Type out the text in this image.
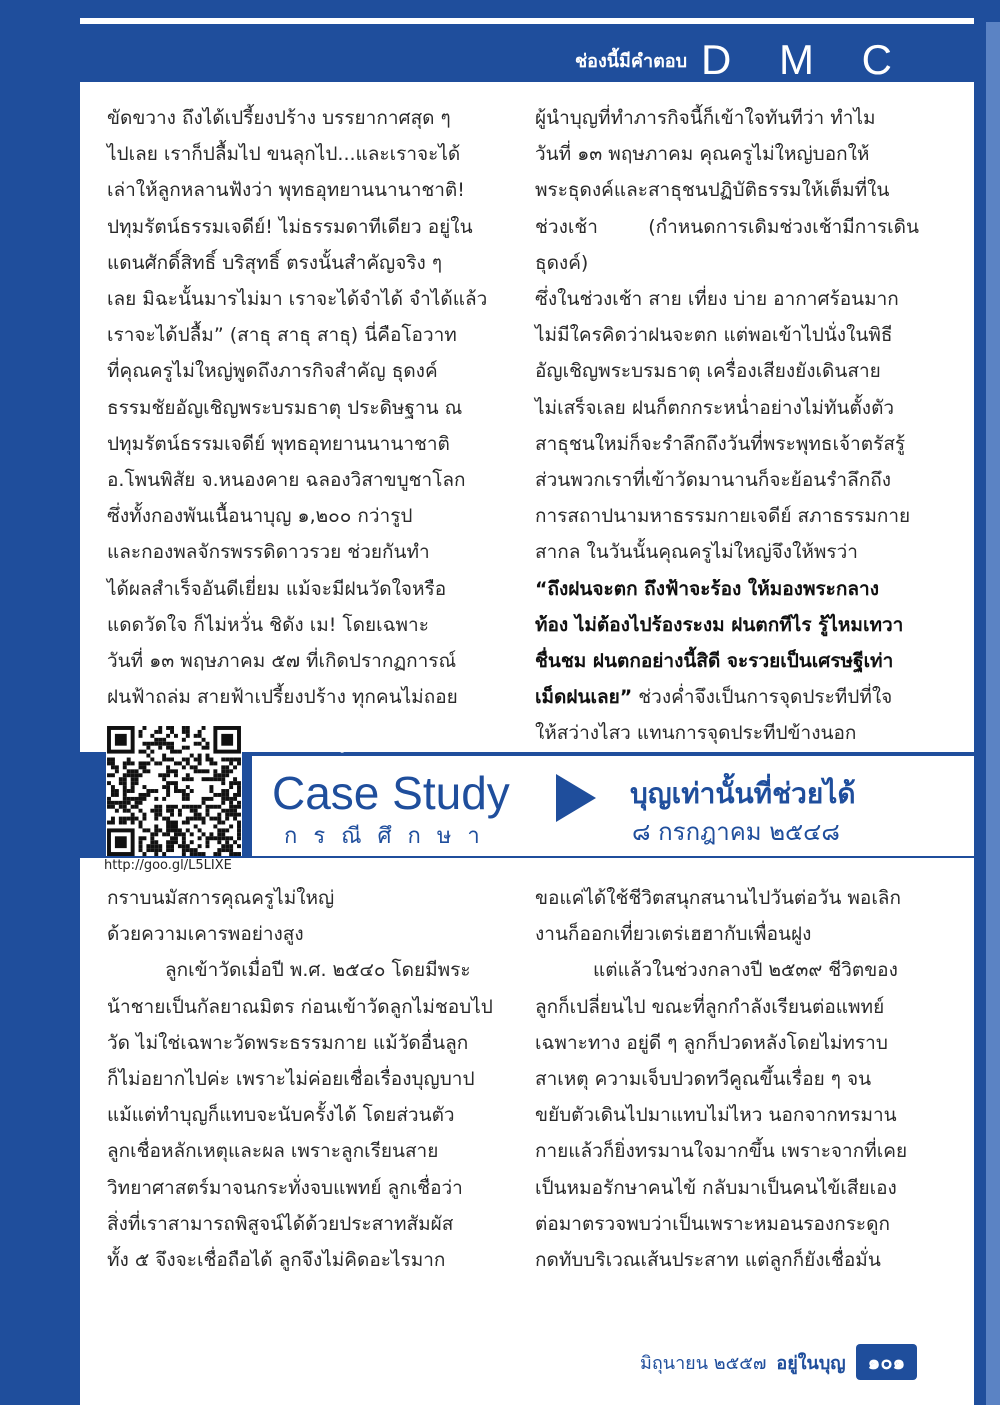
ช่องนี้มีคำตอบ D M C

ขัดขวาง ถึงได้เปรี้ยงปร้าง บรรยากาศสุด ๆ

ไปเลย เราก็ปลื้มไป ขนลุกไป...และเราจะได้

เล่าให้ลูกหลานฟังว่า พุทธอุทยานนานาชาติ!

ปทุมรัตน์ธรรมเจดีย์! ไม่ธรรมดาทีเดียว อยู่ใน

แดนศักดิ์สิทธิ์ บริสุทธิ์ ตรงนั้นสำคัญจริง ๆ

เลย มิฉะนั้นมารไม่มา เราจะได้จำได้ จำได้แล้ว

เราจะได้ปลื้ม” (สาธุ สาธุ สาธุ) นี่คือโอวาท

ที่คุณครูไม่ใหญ่พูดถึงภารกิจสำคัญ ธุดงค์

ธรรมชัยอัญเชิญพระบรมธาตุ ประดิษฐาน ณ

ปทุมรัตน์ธรรมเจดีย์ พุทธอุทยานนานาชาติ

อ.โพนพิสัย จ.หนองคาย ฉลองวิสาขบูชาโลก

ซึ่งทั้งกองพันเนื้อนาบุญ ๑,๒๐๐ กว่ารูป

และกองพลจักรพรรดิดาวรวย ช่วยกันทำ

ได้ผลสำเร็จอันดีเยี่ยม แม้จะมีฝนวัดใจหรือ

แดดวัดใจ ก็ไม่หวั่น ชิดัง เม! โดยเฉพาะ

วันที่ ๑๓ พฤษภาคม ๕๗ ที่เกิดปรากฏการณ์

ฝนฟ้าถล่ม สายฟ้าเปรี้ยงปร้าง ทุกคนไม่ถอย

ผู้นำบุญที่ทำภารกิจนี้ก็เข้าใจทันทีว่า ทำไม

วันที่ ๑๓ พฤษภาคม คุณครูไม่ใหญ่บอกให้

พระธุดงค์และสาธุชนปฏิบัติธรรมให้เต็มที่ใน

ช่วงเช้า (กำหนดการเดิมช่วงเช้ามีการเดินธุดงค์)

ซึ่งในช่วงเช้า สาย เที่ยง บ่าย อากาศร้อนมาก

ไม่มีใครคิดว่าฝนจะตก แต่พอเข้าไปนั่งในพิธี

อัญเชิญพระบรมธาตุ เครื่องเสียงยังเดินสาย

ไม่เสร็จเลย ฝนก็ตกกระหน่ำอย่างไม่ทันตั้งตัว

สาธุชนใหม่ก็จะรำลึกถึงวันที่พระพุทธเจ้าตรัสรู้

ส่วนพวกเราที่เข้าวัดมานานก็จะย้อนรำลึกถึง

การสถาปนามหาธรรมกายเจดีย์ สภาธรรมกาย

สากล ในวันนั้นคุณครูไม่ใหญ่จึงให้พรว่า

“ถึงฝนจะตก ถึงฟ้าจะร้อง ให้มองพระกลาง

ท้อง ไม่ต้องไปร้องระงม ฝนตกทีไร รู้ไหมเทวา

ชื่นชม ฝนตกอย่างนี้สิดี จะรวยเป็นเศรษฐีเท่า

เม็ดฝนเลย” ช่วงค่ำจึงเป็นการจุดประทีปที่ใจ

ให้สว่างไสว แทนการจุดประทีปข้างนอก

รับชมรูปแบบ Video ผ่านทาง Application QR code ในมือถือ และ Tablet
Case Study
กรณีศึกษา
บุญเท่านั้นที่ช่วยได้
๘ กรกฎาคม ๒๕๔๘
http://goo.gl/L5LIXE

กราบนมัสการคุณครูไม่ใหญ่

ด้วยความเคารพอย่างสูง

ลูกเข้าวัดเมื่อปี พ.ศ. ๒๕๔๐ โดยมีพระ

น้าชายเป็นกัลยาณมิตร ก่อนเข้าวัดลูกไม่ชอบไป

วัด ไม่ใช่เฉพาะวัดพระธรรมกาย แม้วัดอื่นลูก

ก็ไม่อยากไปค่ะ เพราะไม่ค่อยเชื่อเรื่องบุญบาป

แม้แต่ทำบุญก็แทบจะนับครั้งได้ โดยส่วนตัว

ลูกเชื่อหลักเหตุและผล เพราะลูกเรียนสาย

วิทยาศาสตร์มาจนกระทั่งจบแพทย์ ลูกเชื่อว่า

สิ่งที่เราสามารถพิสูจน์ได้ด้วยประสาทสัมผัส

ทั้ง ๕ จึงจะเชื่อถือได้ ลูกจึงไม่คิดอะไรมาก

ขอแค่ได้ใช้ชีวิตสนุกสนานไปวันต่อวัน พอเลิก

งานก็ออกเที่ยวเตร่เฮฮากับเพื่อนฝูง

แต่แล้วในช่วงกลางปี ๒๕๓๙ ชีวิตของ

ลูกก็เปลี่ยนไป ขณะที่ลูกกำลังเรียนต่อแพทย์

เฉพาะทาง อยู่ดี ๆ ลูกก็ปวดหลังโดยไม่ทราบ

สาเหตุ ความเจ็บปวดทวีคูณขึ้นเรื่อย ๆ จน

ขยับตัวเดินไปมาแทบไม่ไหว นอกจากทรมาน

กายแล้วก็ยิ่งทรมานใจมากขึ้น เพราะจากที่เคย

เป็นหมอรักษาคนไข้ กลับมาเป็นคนไข้เสียเอง

ต่อมาตรวจพบว่าเป็นเพราะหมอนรองกระดูก

กดทับบริเวณเส้นประสาท แต่ลูกก็ยังเชื่อมั่น

มิถุนายน ๒๕๕๗ อยู่ในบุญ	๑๐๑
